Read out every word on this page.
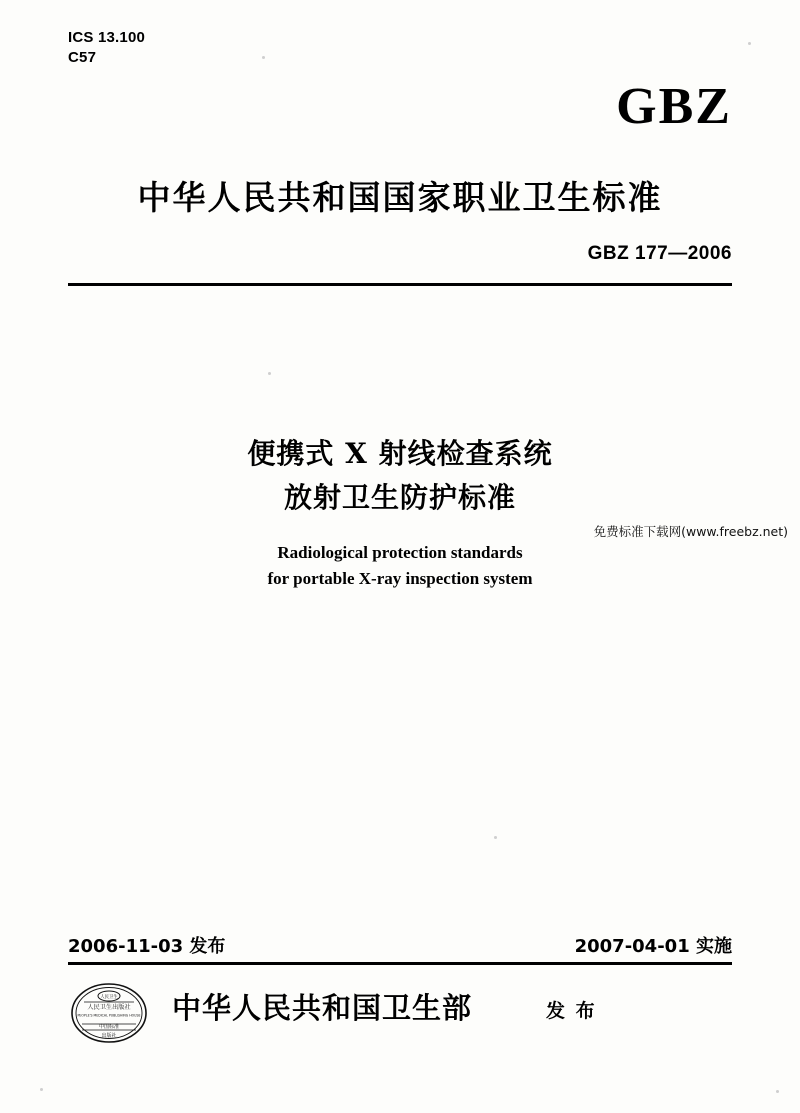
ICS 13.100
C57
GBZ
中华人民共和国国家职业卫生标准
GBZ 177—2006
便携式 X 射线检查系统
放射卫生防护标准
Radiological protection standards
for portable X-ray inspection system
免费标准下载网(www.freebz.net)
2006-11-03 发布	2007-04-01 实施
人民卫生
人民卫生出版社
PEOPLE'S MEDICAL PUBLISHING HOUSE
中国标准
出版社
中华人民共和国卫生部	发 布
